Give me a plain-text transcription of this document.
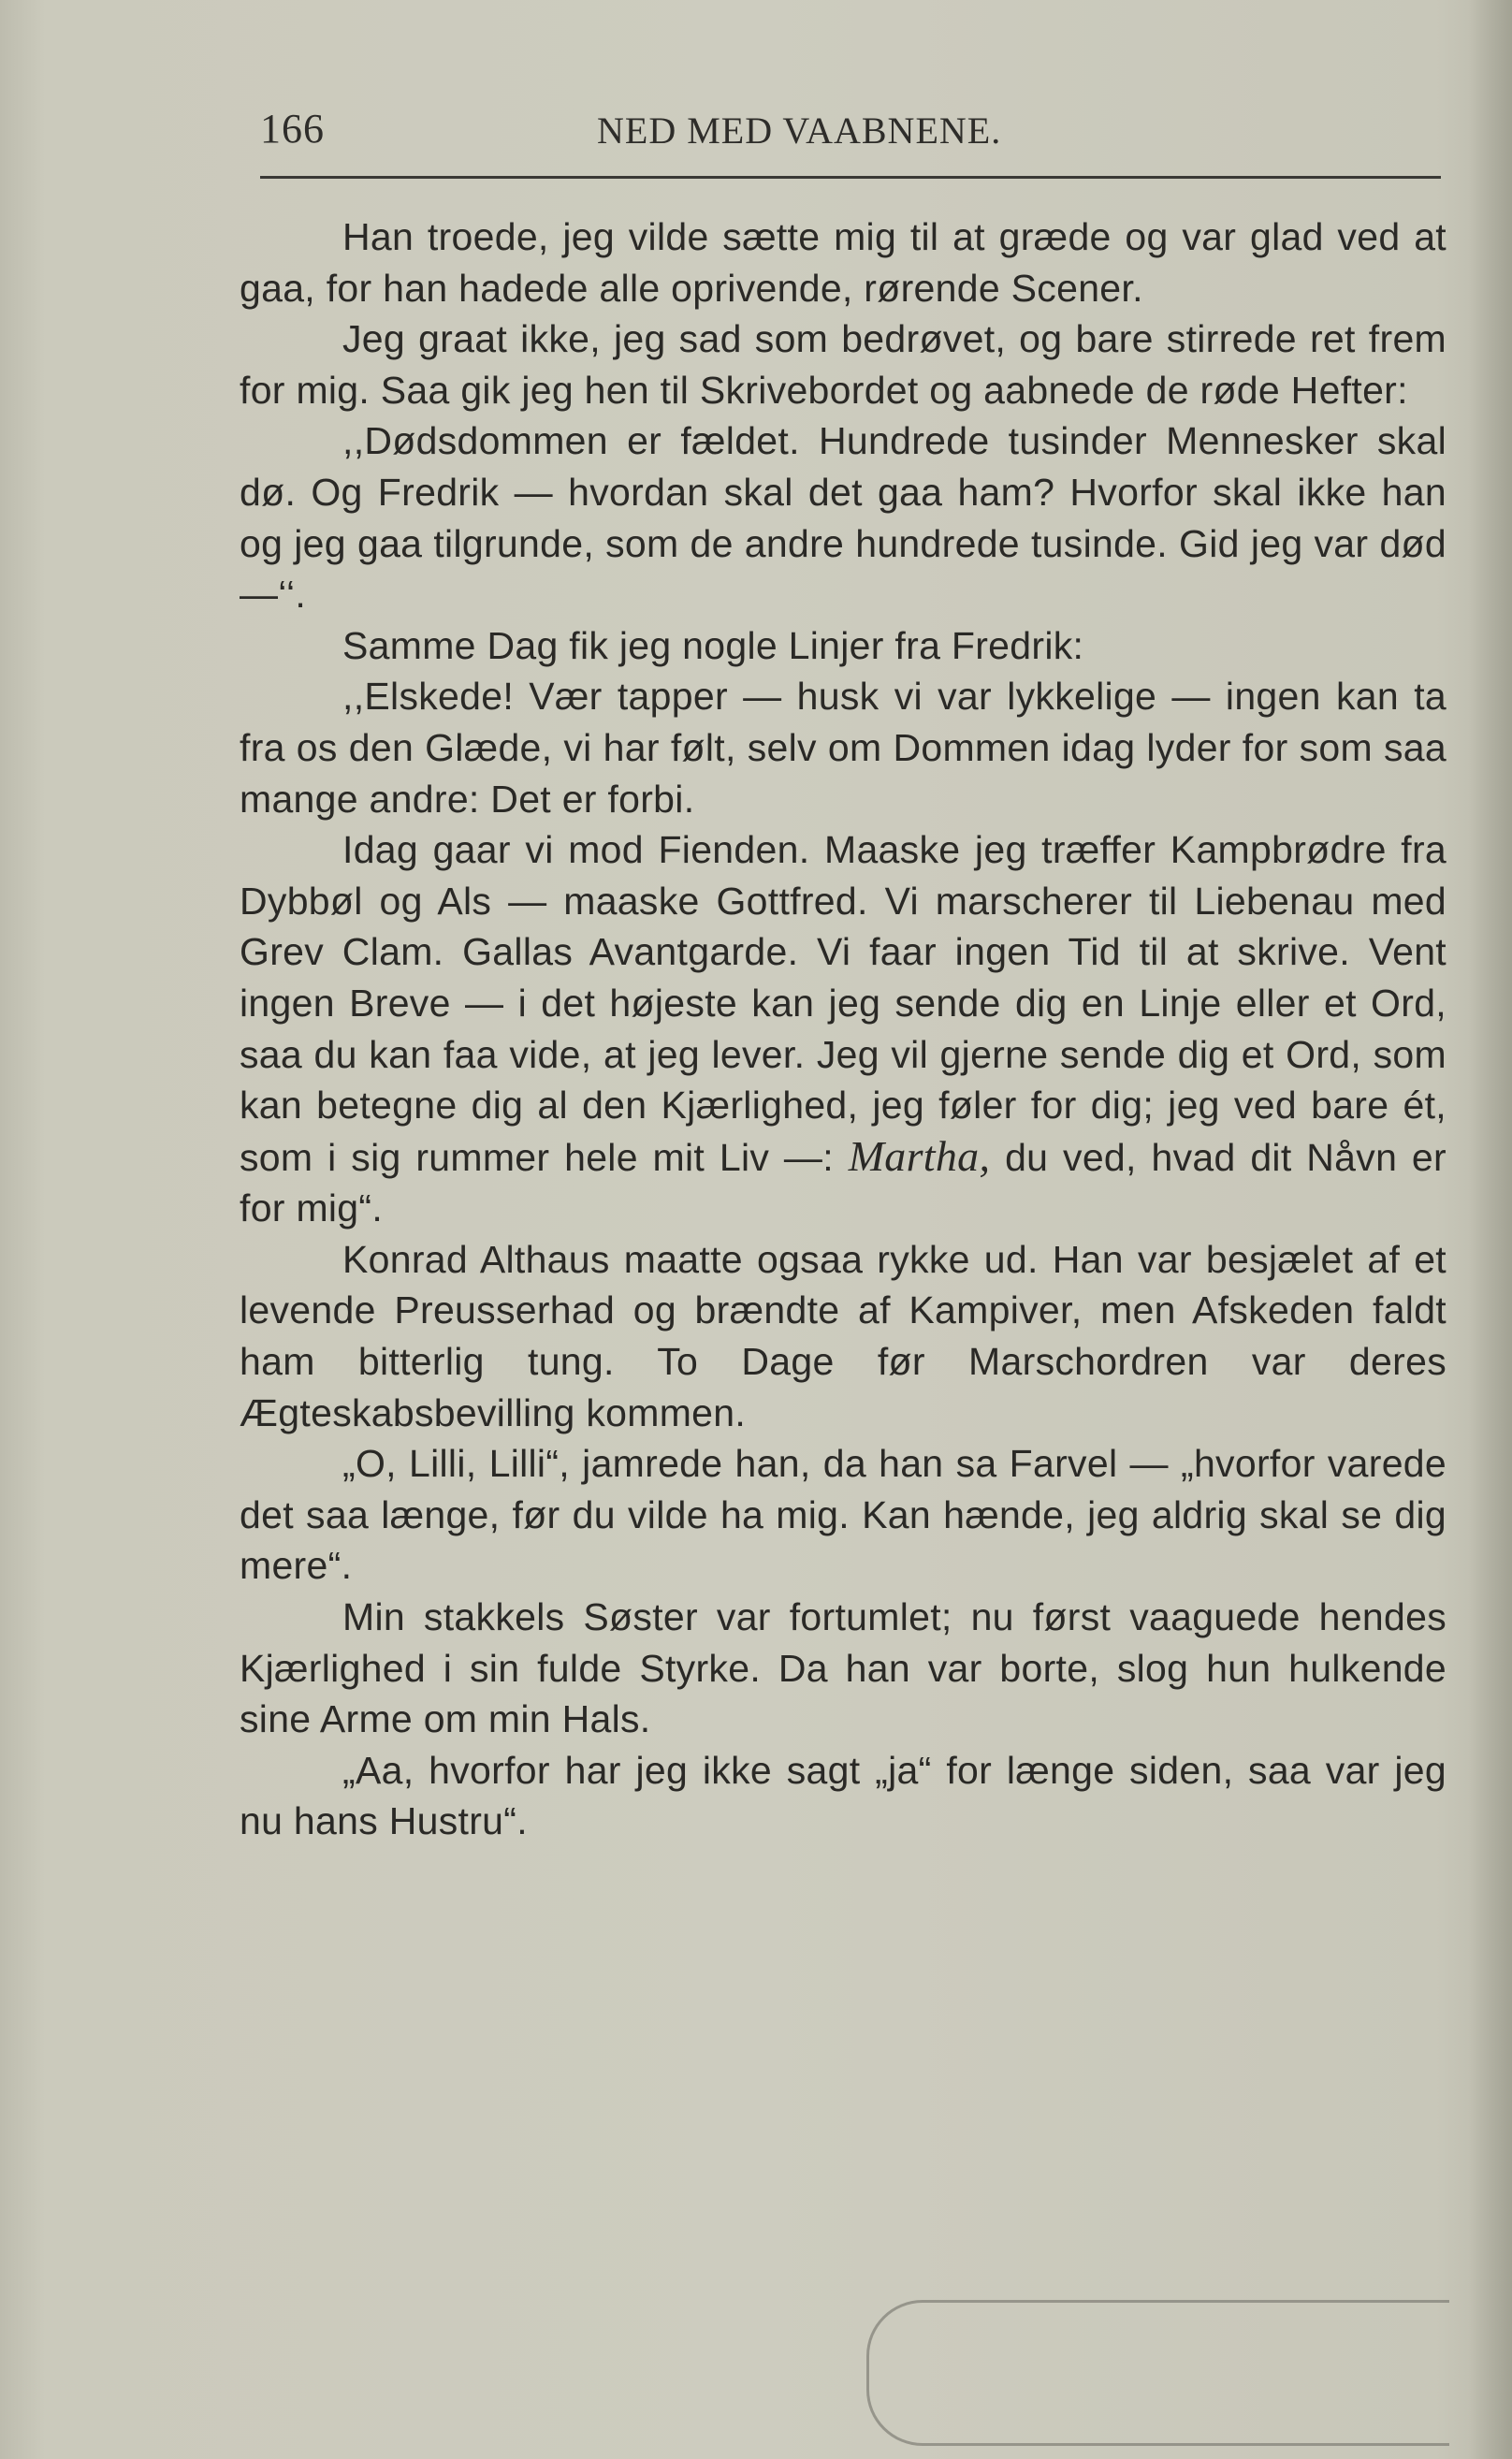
166	NED MED VAABNENE.

Han troede, jeg vilde sætte mig til at græde og var glad ved at gaa, for han hadede alle oprivende, rørende Scener.

Jeg graat ikke, jeg sad som bedrøvet, og bare stirrede ret frem for mig. Saa gik jeg hen til Skrivebordet og aabnede de røde Hefter:

,,Dødsdommen er fældet. Hundrede tusinder Mennesker skal dø. Og Fredrik — hvordan skal det gaa ham? Hvorfor skal ikke han og jeg gaa tilgrunde, som de andre hundrede tusinde. Gid jeg var død —‘‘.

Samme Dag fik jeg nogle Linjer fra Fredrik:

,,Elskede! Vær tapper — husk vi var lykkelige — ingen kan ta fra os den Glæde, vi har følt, selv om Dommen idag lyder for som saa mange andre: Det er forbi.

Idag gaar vi mod Fienden. Maaske jeg træffer Kampbrødre fra Dybbøl og Als — maaske Gottfred. Vi marscherer til Liebenau med Grev Clam. Gallas Avantgarde. Vi faar ingen Tid til at skrive. Vent ingen Breve — i det højeste kan jeg sende dig en Linje eller et Ord, saa du kan faa vide, at jeg lever. Jeg vil gjerne sende dig et Ord, som kan betegne dig al den Kjærlighed, jeg føler for dig; jeg ved bare ét, som i sig rummer hele mit Liv —: Martha, du ved, hvad dit Nåvn er for mig“.

Konrad Althaus maatte ogsaa rykke ud. Han var besjælet af et levende Preusserhad og brændte af Kampiver, men Afskeden faldt ham bitterlig tung. To Dage før Marschordren var deres Ægteskabsbevilling kommen.

„O, Lilli, Lilli“, jamrede han, da han sa Farvel — „hvorfor varede det saa længe, før du vilde ha mig. Kan hænde, jeg aldrig skal se dig mere“.

Min stakkels Søster var fortumlet; nu først vaaguede hendes Kjærlighed i sin fulde Styrke. Da han var borte, slog hun hulkende sine Arme om min Hals.

„Aa, hvorfor har jeg ikke sagt „ja“ for længe siden, saa var jeg nu hans Hustru“.
